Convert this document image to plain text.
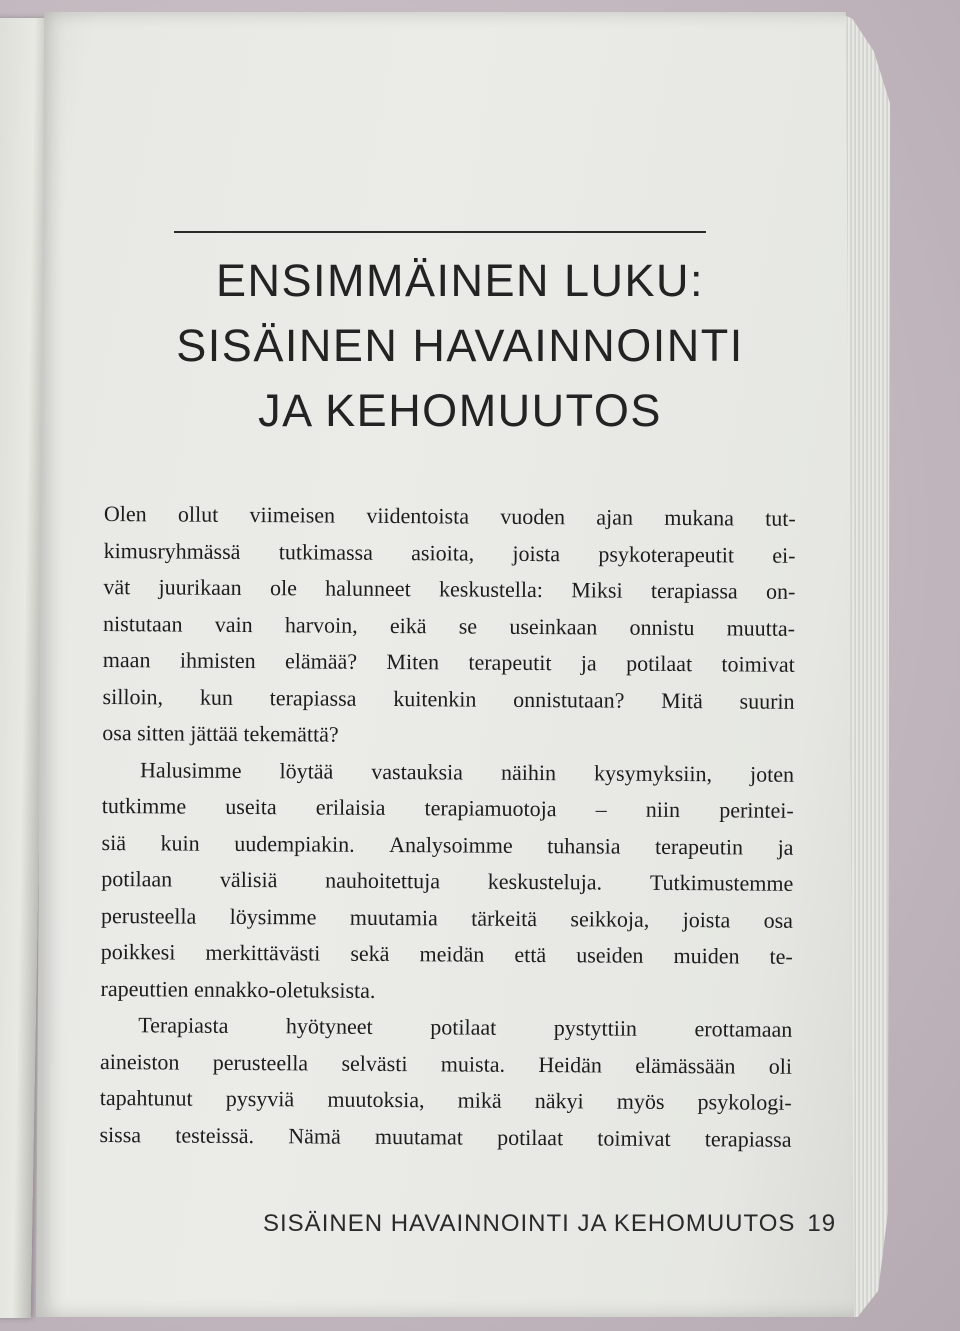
ENSIMMÄINEN LUKU:
SISÄINEN HAVAINNOINTI
JA KEHOMUUTOS
Olen ollut viimeisen viidentoista vuoden ajan mukana tut-
kimusryhmässä tutkimassa asioita, joista psykoterapeutit ei-
vät juurikaan ole halunneet keskustella: Miksi terapiassa on-
nistutaan vain harvoin, eikä se useinkaan onnistu muutta-
maan ihmisten elämää? Miten terapeutit ja potilaat toimivat
silloin, kun terapiassa kuitenkin onnistutaan? Mitä suurin
osa sitten jättää tekemättä?
Halusimme löytää vastauksia näihin kysymyksiin, joten
tutkimme useita erilaisia terapiamuotoja – niin perintei-
siä kuin uudempiakin. Analysoimme tuhansia terapeutin ja
potilaan välisiä nauhoitettuja keskusteluja. Tutkimustemme
perusteella löysimme muutamia tärkeitä seikkoja, joista osa
poikkesi merkittävästi sekä meidän että useiden muiden te-
rapeuttien ennakko-oletuksista.
Terapiasta	hyötyneet	potilaat	pystyttiin	erottamaan
aineiston perusteella selvästi muista. Heidän elämässään oli
tapahtunut pysyviä muutoksia, mikä näkyi myös psykologi-
sissa testeissä. Nämä muutamat potilaat toimivat terapiassa
SISÄINEN HAVAINNOINTI JA KEHOMUUTOS 19
